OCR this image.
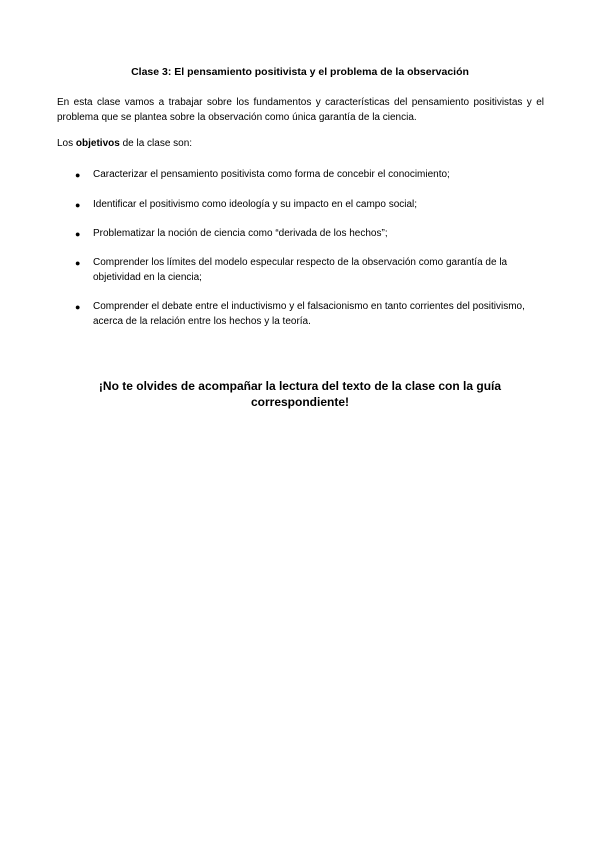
Clase 3: El pensamiento positivista y el problema de la observación
En esta clase vamos a trabajar sobre los fundamentos y características del pensamiento positivistas y el problema que se plantea sobre la observación como única garantía de la ciencia.
Los objetivos de la clase son:
● Caracterizar el pensamiento positivista como forma de concebir el conocimiento;
● Identificar el positivismo como ideología y su impacto en el campo social;
● Problematizar la noción de ciencia como “derivada de los hechos”;
● Comprender los límites del modelo especular respecto de la observación como garantía de la objetividad en la ciencia;
● Comprender el debate entre el inductivismo y el falsacionismo en tanto corrientes del positivismo, acerca de la relación entre los hechos y la teoría.
¡No te olvides de acompañar la lectura del texto de la clase con la guía correspondiente!
